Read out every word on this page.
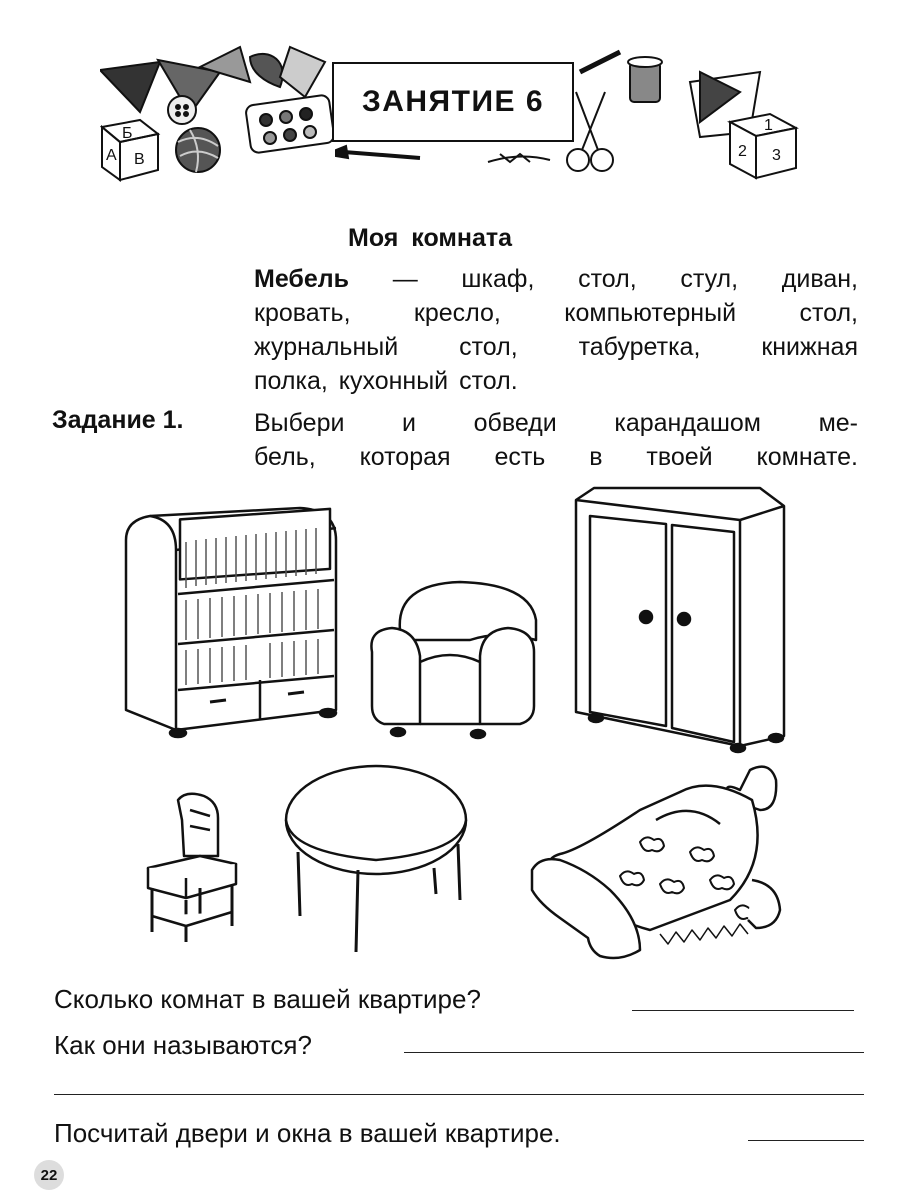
Б
А В
1
2 3
ЗАНЯТИЕ 6
Моя комната
Мебель — шкаф, стол, стул, диван,
кровать, кресло, компьютерный стол,
журнальный стол, табуретка, книжная
полка, кухонный стол.
Задание 1.	Выбери и обведи карандашом ме-
бель, которая есть в твоей комнате.
Сколько комнат в вашей квартире?
Как они называются?
Посчитай двери и окна в вашей квартире.
22
